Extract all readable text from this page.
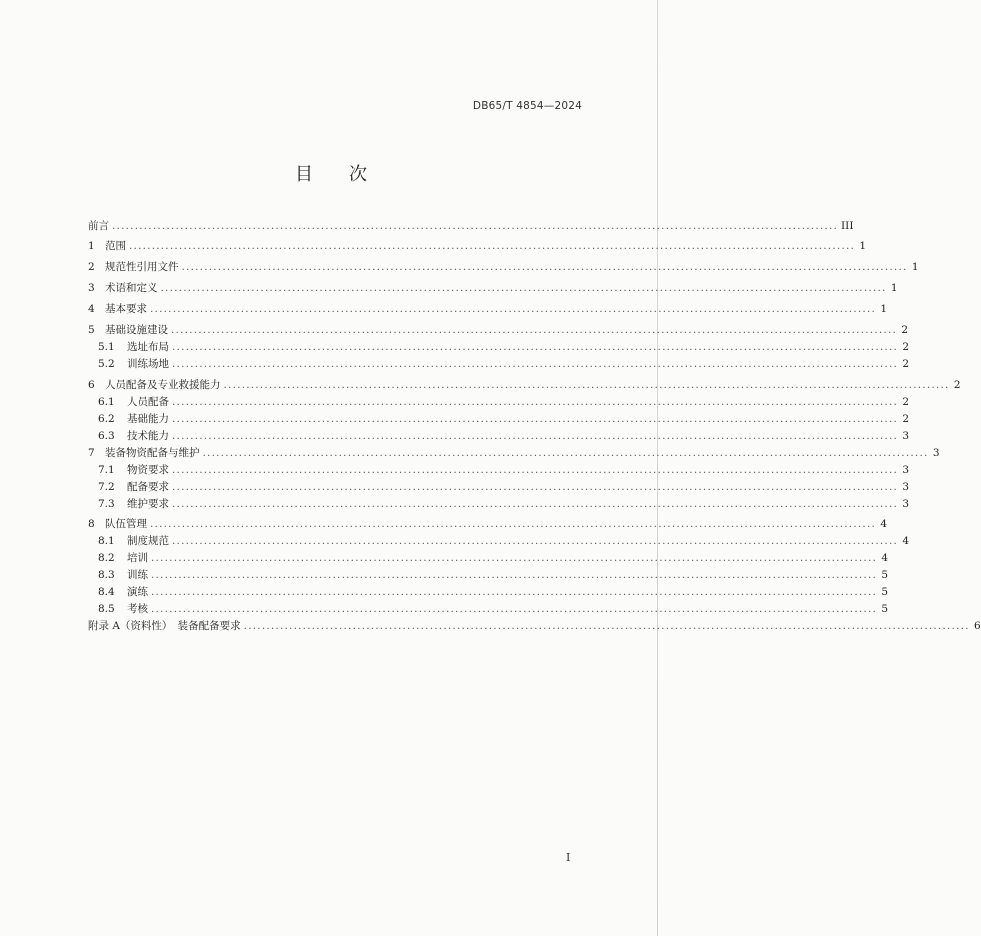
DB65/T 4854—2024
目 次
前言 ................................................................................................................................................................ III
1 范围 ................................................................................................................................................................ 1
2 规范性引用文件 ................................................................................................................................................................ 1
3 术语和定义 ................................................................................................................................................................ 1
4 基本要求 ................................................................................................................................................................ 1
5 基础设施建设 ................................................................................................................................................................ 2
5.1	选址布局 ................................................................................................................................................................ 2
5.2	训练场地 ................................................................................................................................................................ 2
6 人员配备及专业救援能力 ................................................................................................................................................................ 2
6.1	人员配备 ................................................................................................................................................................ 2
6.2	基础能力 ................................................................................................................................................................ 2
6.3	技术能力 ................................................................................................................................................................ 3
7 装备物资配备与维护 ................................................................................................................................................................ 3
7.1	物资要求 ................................................................................................................................................................ 3
7.2	配备要求 ................................................................................................................................................................ 3
7.3	维护要求 ................................................................................................................................................................ 3
8 队伍管理 ................................................................................................................................................................ 4
8.1	制度规范 ................................................................................................................................................................ 4
8.2	培训 ................................................................................................................................................................ 4
8.3	训练 ................................................................................................................................................................ 5
8.4	演练 ................................................................................................................................................................ 5
8.5	考核 ................................................................................................................................................................ 5
附录 A（资料性）　装备配备要求 ................................................................................................................................................................ 6
I
